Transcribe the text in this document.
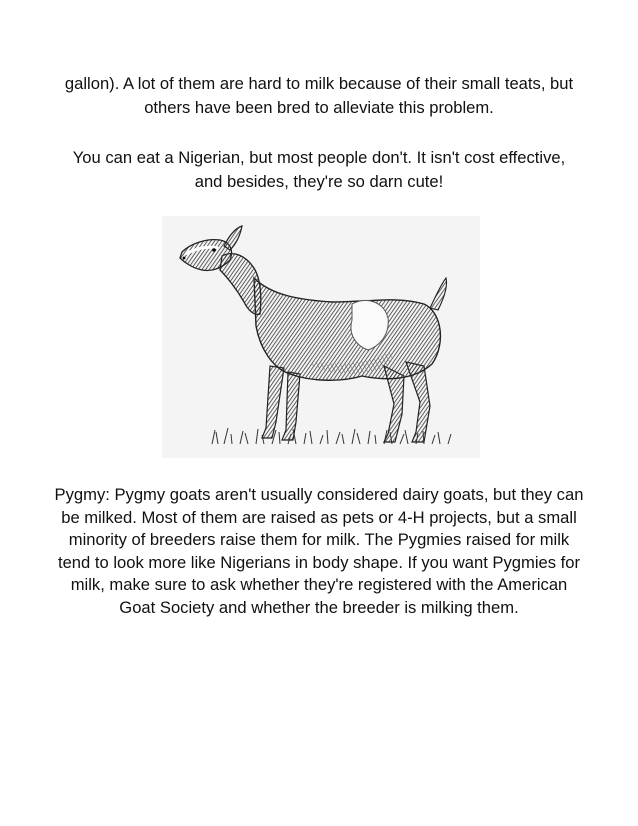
gallon). A lot of them are hard to milk because of their small teats, but others have been bred to alleviate this problem.

You can eat a Nigerian, but most people don't. It isn't cost effective, and besides, they're so darn cute!

Pygmy: Pygmy goats aren't usually considered dairy goats, but they can be milked. Most of them are raised as pets or 4-H projects, but a small minority of breeders raise them for milk. The Pygmies raised for milk tend to look more like Nigerians in body shape. If you want Pygmies for milk, make sure to ask whether they're registered with the American Goat Society and whether the breeder is milking them.
